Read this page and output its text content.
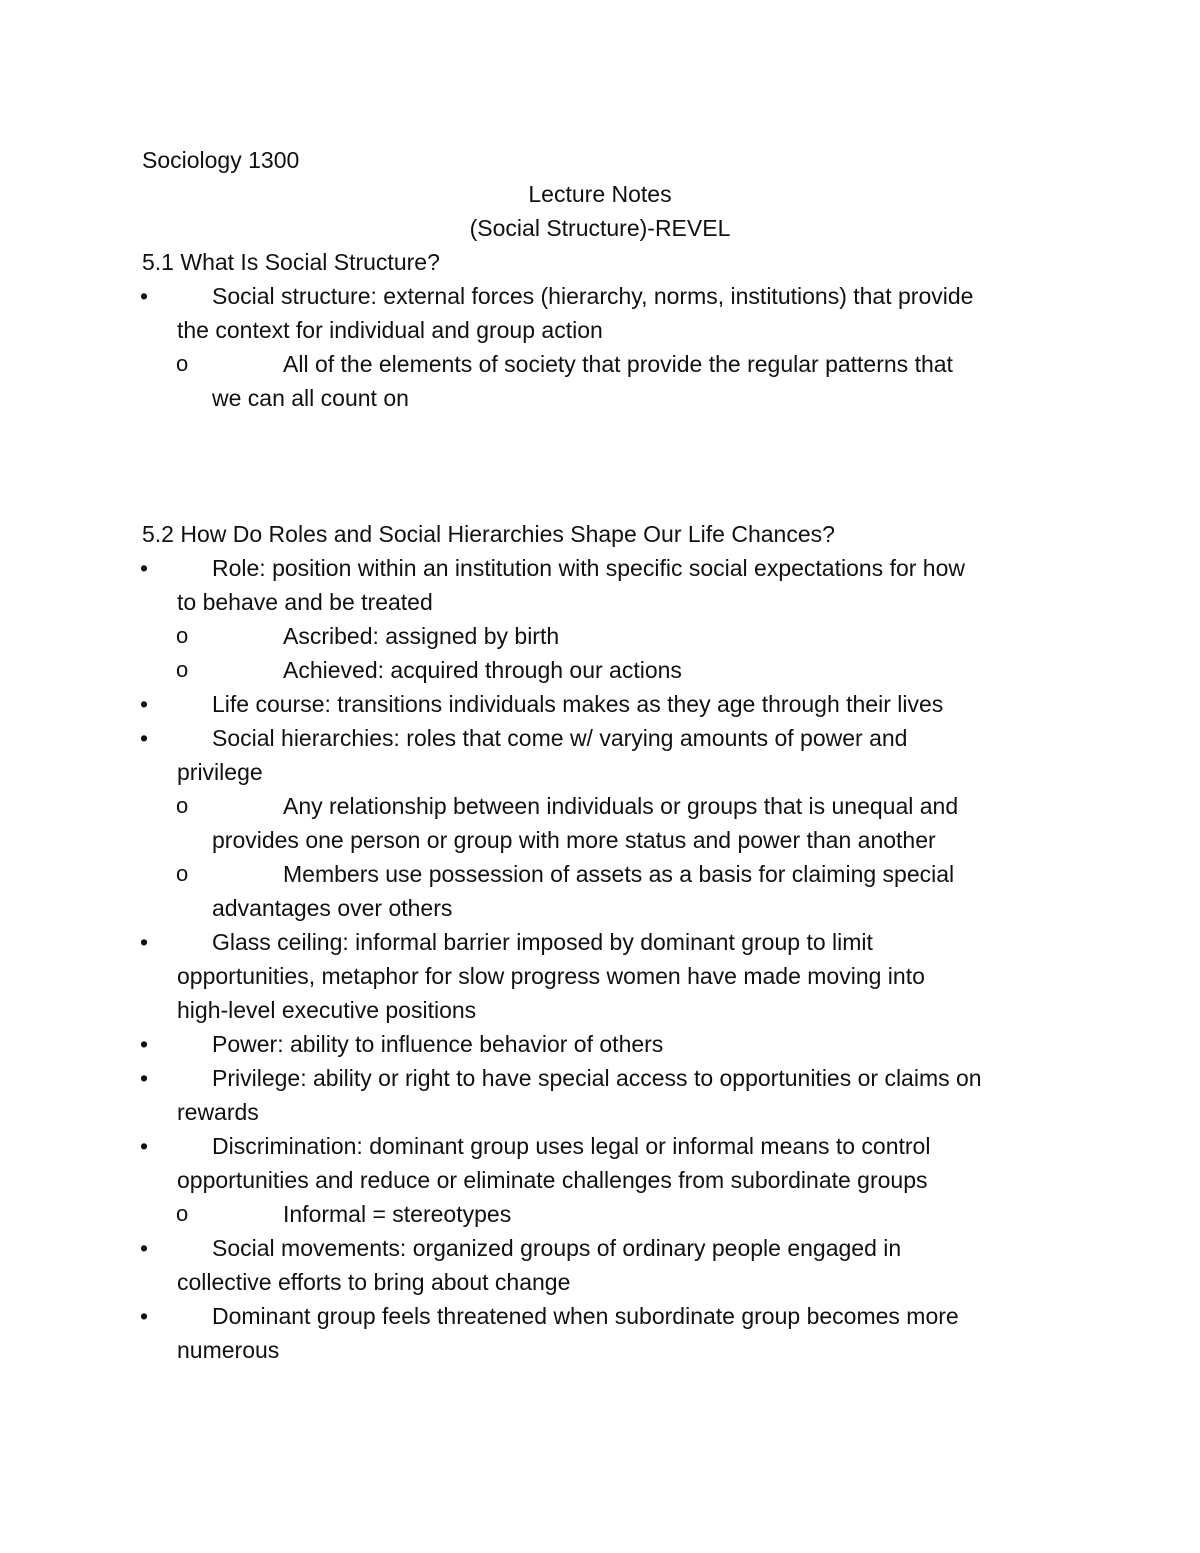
Sociology 1300
Lecture Notes
(Social Structure)-REVEL
5.1 What Is Social Structure?
•	Social structure: external forces (hierarchy, norms, institutions) that provide
the context for individual and group action
o	All of the elements of society that provide the regular patterns that
we can all count on
5.2 How Do Roles and Social Hierarchies Shape Our Life Chances?
•	Role: position within an institution with specific social expectations for how
to behave and be treated
o	Ascribed: assigned by birth
o	Achieved: acquired through our actions
•	Life course: transitions individuals makes as they age through their lives
•	Social hierarchies: roles that come w/ varying amounts of power and
privilege
o	Any relationship between individuals or groups that is unequal and
provides one person or group with more status and power than another
o	Members use possession of assets as a basis for claiming special
advantages over others
•	Glass ceiling: informal barrier imposed by dominant group to limit
opportunities, metaphor for slow progress women have made moving into
high-level executive positions
•	Power: ability to influence behavior of others
•	Privilege: ability or right to have special access to opportunities or claims on
rewards
•	Discrimination: dominant group uses legal or informal means to control
opportunities and reduce or eliminate challenges from subordinate groups
o	Informal = stereotypes
•	Social movements: organized groups of ordinary people engaged in
collective efforts to bring about change
•	Dominant group feels threatened when subordinate group becomes more
numerous
